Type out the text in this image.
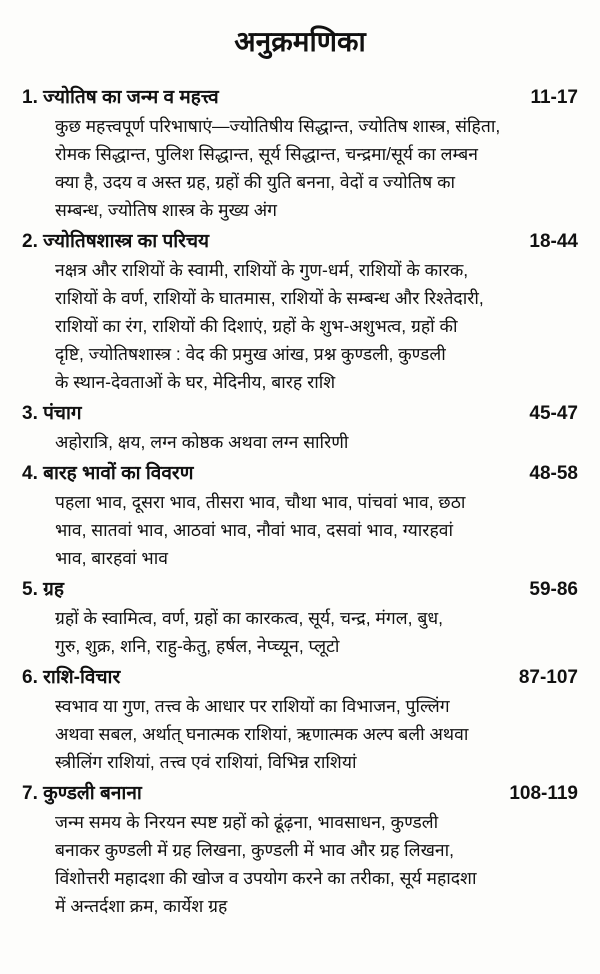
अनुक्रमणिका
1. ज्योतिष का जन्म व महत्त्व	11-17
कुछ महत्त्वपूर्ण परिभाषाएं—ज्योतिषीय सिद्धान्त, ज्योतिष शास्त्र, संहिता,
रोमक सिद्धान्त, पुलिश सिद्धान्त, सूर्य सिद्धान्त, चन्द्रमा/सूर्य का लम्बन
क्या है, उदय व अस्त ग्रह, ग्रहों की युति बनना, वेदों व ज्योतिष का
सम्बन्ध, ज्योतिष शास्त्र के मुख्य अंग
2. ज्योतिषशास्त्र का परिचय	18-44
नक्षत्र और राशियों के स्वामी, राशियों के गुण-धर्म, राशियों के कारक,
राशियों के वर्ण, राशियों के घातमास, राशियों के सम्बन्ध और रिश्तेदारी,
राशियों का रंग, राशियों की दिशाएं, ग्रहों के शुभ-अशुभत्व, ग्रहों की
दृष्टि, ज्योतिषशास्त्र : वेद की प्रमुख आंख, प्रश्न कुण्डली, कुण्डली
के स्थान-देवताओं के घर, मेदिनीय, बारह राशि
3. पंचाग	45-47
अहोरात्रि, क्षय, लग्न कोष्ठक अथवा लग्न सारिणी
4. बारह भावों का विवरण	48-58
पहला भाव, दूसरा भाव, तीसरा भाव, चौथा भाव, पांचवां भाव, छठा
भाव, सातवां भाव, आठवां भाव, नौवां भाव, दसवां भाव, ग्यारहवां
भाव, बारहवां भाव
5. ग्रह	59-86
ग्रहों के स्वामित्व, वर्ण, ग्रहों का कारकत्व, सूर्य, चन्द्र, मंगल, बुध,
गुरु, शुक्र, शनि, राहु-केतु, हर्षल, नेप्च्यून, प्लूटो
6. राशि-विचार	87-107
स्वभाव या गुण, तत्त्व के आधार पर राशियों का विभाजन, पुल्लिंग
अथवा सबल, अर्थात् घनात्मक राशियां, ऋणात्मक अल्प बली अथवा
स्त्रीलिंग राशियां, तत्त्व एवं राशियां, विभिन्न राशियां
7. कुण्डली बनाना	108-119
जन्म समय के निरयन स्पष्ट ग्रहों को ढूंढ़ना, भावसाधन, कुण्डली
बनाकर कुण्डली में ग्रह लिखना, कुण्डली में भाव और ग्रह लिखना,
विंशोत्तरी महादशा की खोज व उपयोग करने का तरीका, सूर्य महादशा
में अन्तर्दशा क्रम, कार्येश ग्रह
